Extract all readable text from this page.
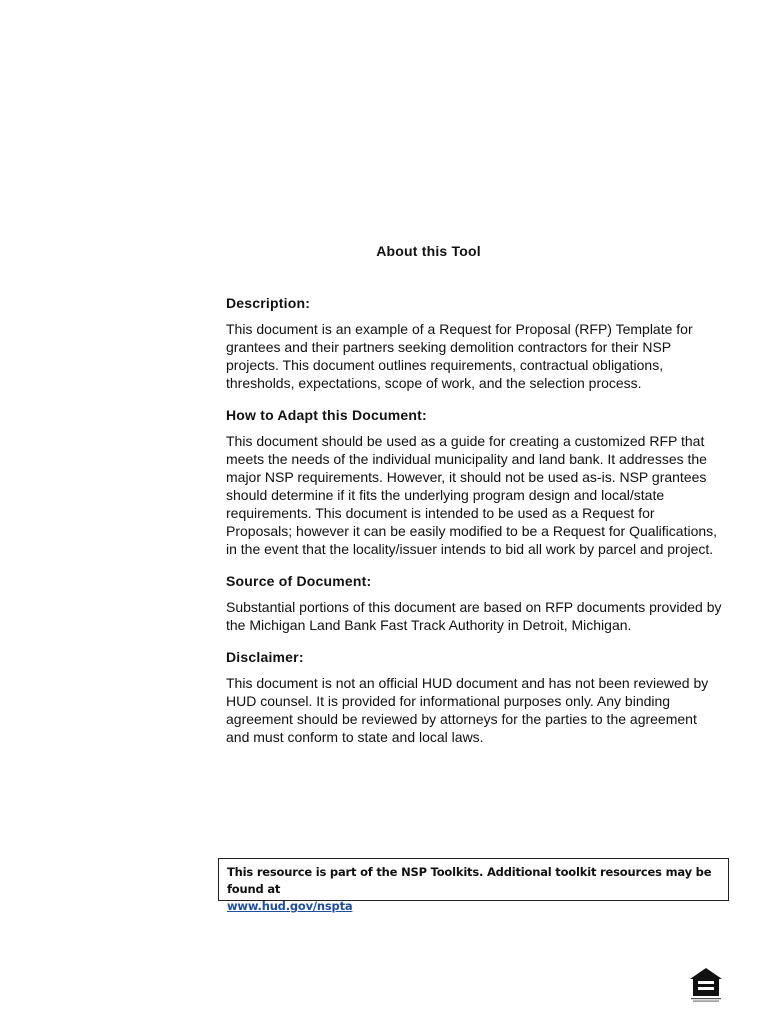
About this Tool
Description:
This document is an example of a Request for Proposal (RFP) Template for grantees and their partners seeking demolition contractors for their NSP projects. This document outlines requirements, contractual obligations, thresholds, expectations, scope of work, and the selection process.
How to Adapt this Document:
This document should be used as a guide for creating a customized RFP that meets the needs of the individual municipality and land bank. It addresses the major NSP requirements. However, it should not be used as-is. NSP grantees should determine if it fits the underlying program design and local/state requirements. This document is intended to be used as a Request for Proposals; however it can be easily modified to be a Request for Qualifications, in the event that the locality/issuer intends to bid all work by parcel and project.
Source of Document:
Substantial portions of this document are based on RFP documents provided by the Michigan Land Bank Fast Track Authority in Detroit, Michigan.
Disclaimer:
This document is not an official HUD document and has not been reviewed by HUD counsel. It is provided for informational purposes only. Any binding agreement should be reviewed by attorneys for the parties to the agreement and must conform to state and local laws.
This resource is part of the NSP Toolkits. Additional toolkit resources may be found at
www.hud.gov/nspta
